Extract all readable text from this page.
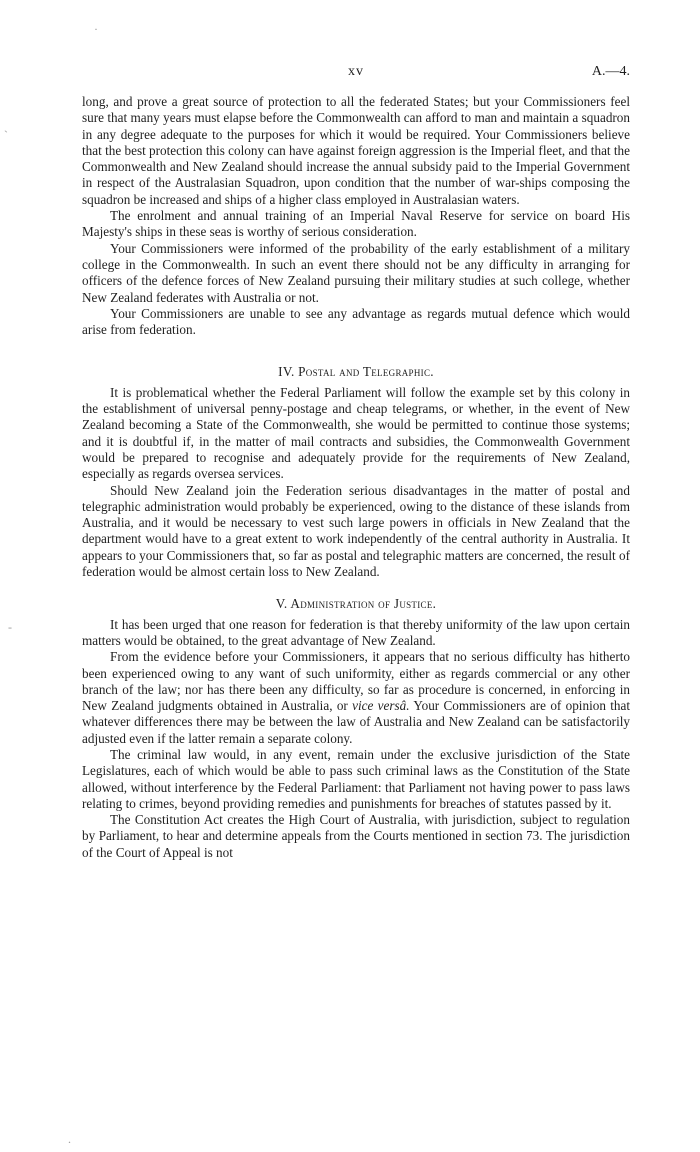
xv	A.—4.

long, and prove a great source of protection to all the federated States; but your Commissioners feel sure that many years must elapse before the Commonwealth can afford to man and maintain a squadron in any degree adequate to the purposes for which it would be required. Your Commissioners believe that the best protection this colony can have against foreign aggression is the Imperial fleet, and that the Commonwealth and New Zealand should increase the annual subsidy paid to the Imperial Government in respect of the Australasian Squadron, upon condition that the number of war-ships composing the squadron be increased and ships of a higher class employed in Australasian waters.

The enrolment and annual training of an Imperial Naval Reserve for service on board His Majesty's ships in these seas is worthy of serious consideration.

Your Commissioners were informed of the probability of the early establishment of a military college in the Commonwealth. In such an event there should not be any difficulty in arranging for officers of the defence forces of New Zealand pursuing their military studies at such college, whether New Zealand federates with Australia or not.

Your Commissioners are unable to see any advantage as regards mutual defence which would arise from federation.

IV. Postal and Telegraphic.

It is problematical whether the Federal Parliament will follow the example set by this colony in the establishment of universal penny-postage and cheap telegrams, or whether, in the event of New Zealand becoming a State of the Commonwealth, she would be permitted to continue those systems; and it is doubtful if, in the matter of mail contracts and subsidies, the Commonwealth Government would be prepared to recognise and adequately provide for the requirements of New Zealand, especially as regards oversea services.

Should New Zealand join the Federation serious disadvantages in the matter of postal and telegraphic administration would probably be experienced, owing to the distance of these islands from Australia, and it would be necessary to vest such large powers in officials in New Zealand that the department would have to a great extent to work independently of the central authority in Australia. It appears to your Commissioners that, so far as postal and telegraphic matters are concerned, the result of federation would be almost certain loss to New Zealand.

V. Administration of Justice.

It has been urged that one reason for federation is that thereby uniformity of the law upon certain matters would be obtained, to the great advantage of New Zealand.

From the evidence before your Commissioners, it appears that no serious difficulty has hitherto been experienced owing to any want of such uniformity, either as regards commercial or any other branch of the law; nor has there been any difficulty, so far as procedure is concerned, in enforcing in New Zealand judgments obtained in Australia, or vice versâ. Your Commissioners are of opinion that whatever differences there may be between the law of Australia and New Zealand can be satisfactorily adjusted even if the latter remain a separate colony.

The criminal law would, in any event, remain under the exclusive jurisdiction of the State Legislatures, each of which would be able to pass such criminal laws as the Constitution of the State allowed, without interference by the Federal Parliament: that Parliament not having power to pass laws relating to crimes, beyond providing remedies and punishments for breaches of statutes passed by it.

The Constitution Act creates the High Court of Australia, with jurisdiction, subject to regulation by Parliament, to hear and determine appeals from the Courts mentioned in section 73. The jurisdiction of the Court of Appeal is not

·
`
-
.
